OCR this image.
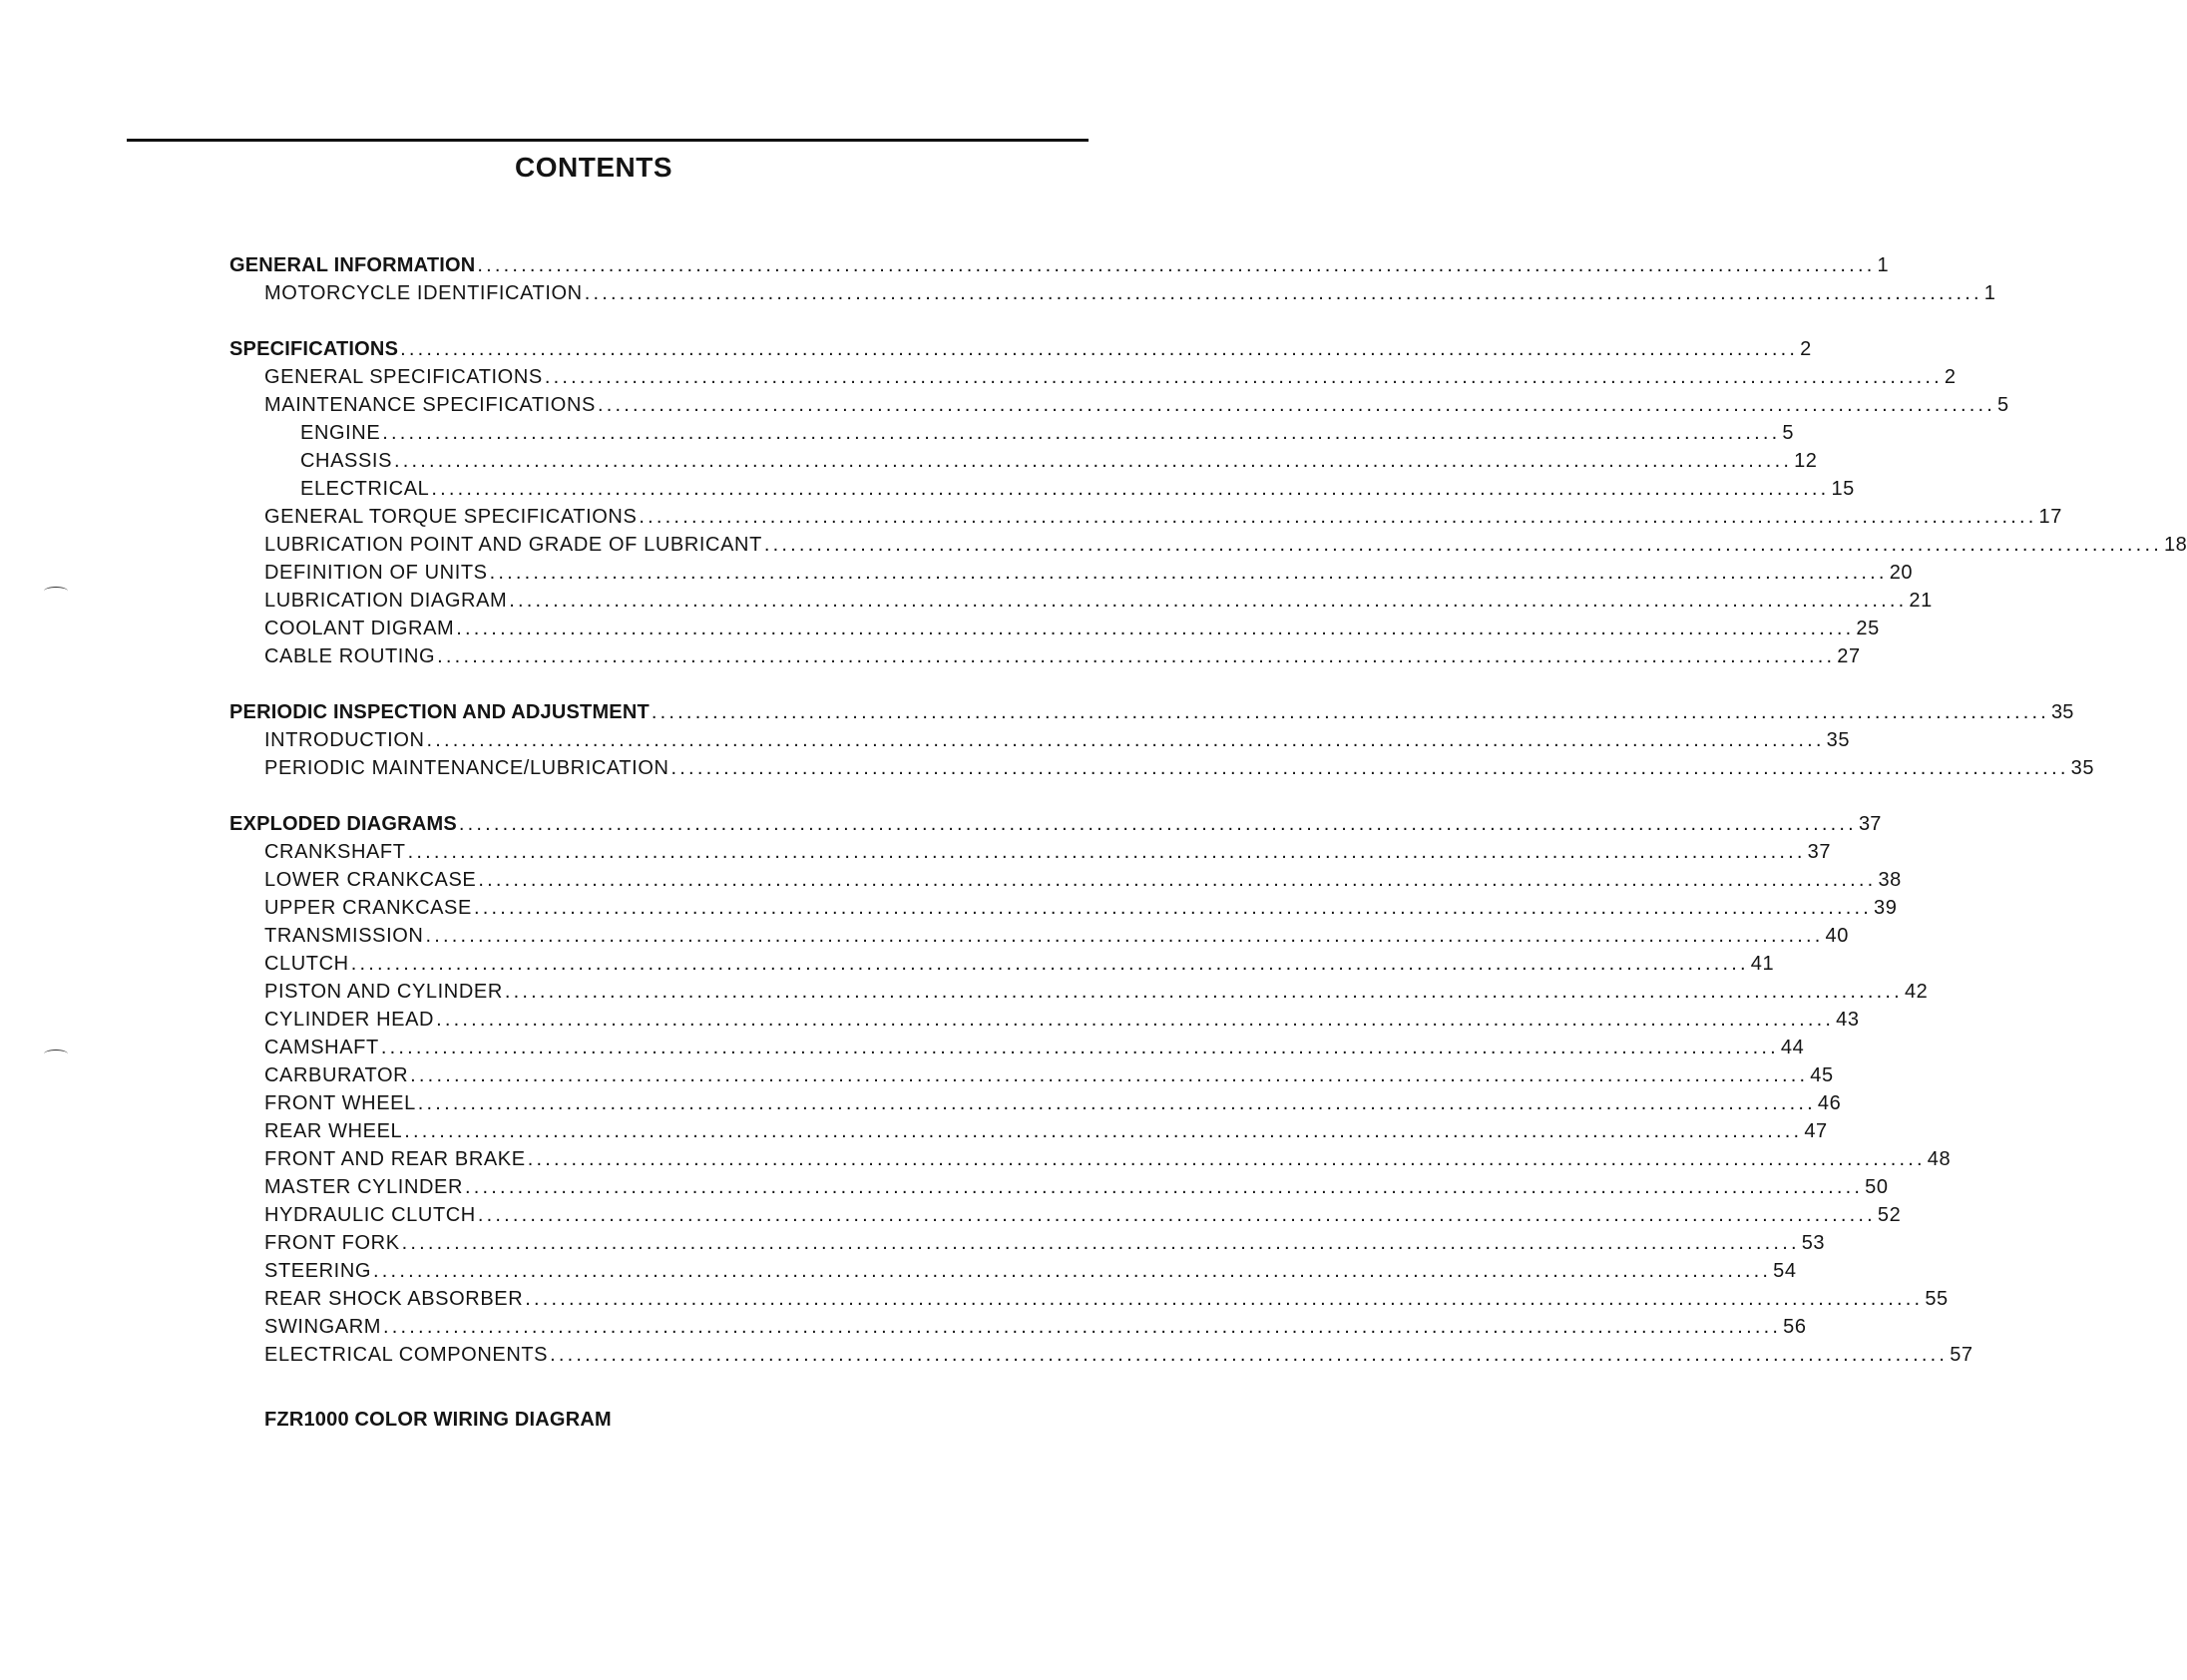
CONTENTS
GENERAL INFORMATION ................................................................................................................................................................ 1
MOTORCYCLE IDENTIFICATION ................................................................................................................................................................ 1
SPECIFICATIONS ................................................................................................................................................................ 2
GENERAL SPECIFICATIONS ................................................................................................................................................................ 2
MAINTENANCE SPECIFICATIONS ................................................................................................................................................................ 5
ENGINE ................................................................................................................................................................ 5
CHASSIS ................................................................................................................................................................ 12
ELECTRICAL ................................................................................................................................................................ 15
GENERAL TORQUE SPECIFICATIONS ................................................................................................................................................................ 17
LUBRICATION POINT AND GRADE OF LUBRICANT ................................................................................................................................................................ 18
DEFINITION OF UNITS ................................................................................................................................................................ 20
LUBRICATION DIAGRAM ................................................................................................................................................................ 21
COOLANT DIGRAM ................................................................................................................................................................ 25
CABLE ROUTING ................................................................................................................................................................ 27
PERIODIC INSPECTION AND ADJUSTMENT ................................................................................................................................................................ 35
INTRODUCTION ................................................................................................................................................................ 35
PERIODIC MAINTENANCE/LUBRICATION ................................................................................................................................................................ 35
EXPLODED DIAGRAMS ................................................................................................................................................................ 37
CRANKSHAFT ................................................................................................................................................................ 37
LOWER CRANKCASE ................................................................................................................................................................ 38
UPPER CRANKCASE ................................................................................................................................................................ 39
TRANSMISSION ................................................................................................................................................................ 40
CLUTCH ................................................................................................................................................................ 41
PISTON AND CYLINDER ................................................................................................................................................................ 42
CYLINDER HEAD ................................................................................................................................................................ 43
CAMSHAFT ................................................................................................................................................................ 44
CARBURATOR ................................................................................................................................................................ 45
FRONT WHEEL ................................................................................................................................................................ 46
REAR WHEEL ................................................................................................................................................................ 47
FRONT AND REAR BRAKE ................................................................................................................................................................ 48
MASTER CYLINDER ................................................................................................................................................................ 50
HYDRAULIC CLUTCH ................................................................................................................................................................ 52
FRONT FORK ................................................................................................................................................................ 53
STEERING ................................................................................................................................................................ 54
REAR SHOCK ABSORBER ................................................................................................................................................................ 55
SWINGARM ................................................................................................................................................................ 56
ELECTRICAL COMPONENTS ................................................................................................................................................................ 57
FZR1000 COLOR WIRING DIAGRAM
